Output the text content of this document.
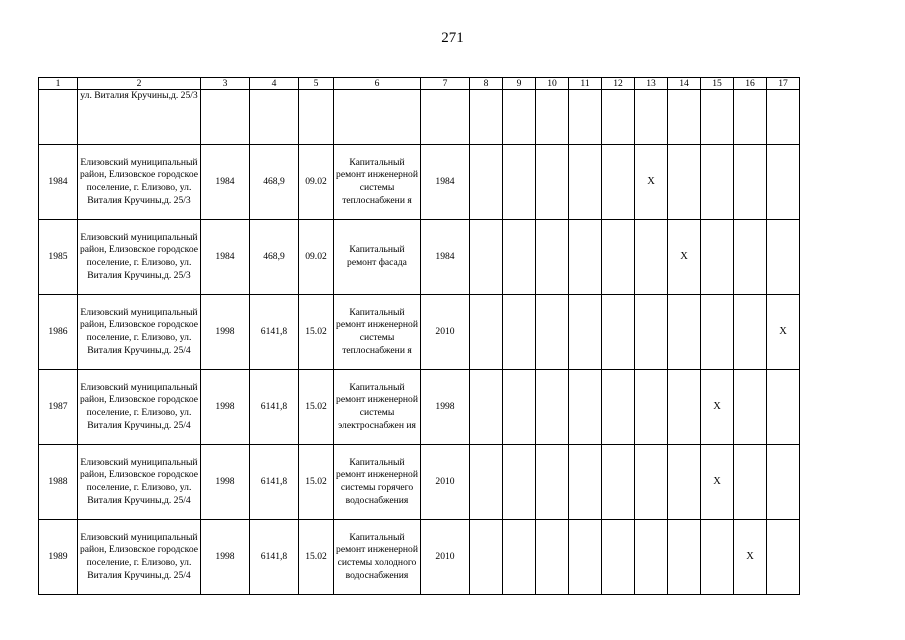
271
1	2	3	4	5	6	7	8	9	10	11	12	13	14	15	16	17
	ул. Виталия Кручины,д. 25/3															
1984	Елизовский муниципальный район, Елизовское городское поселение, г. Елизово, ул. Виталия Кручины,д. 25/3	1984	468,9	09.02	Капитальный ремонт инженерной системы теплоснабжени я	1984						X				
1985	Елизовский муниципальный район, Елизовское городское поселение, г. Елизово, ул. Виталия Кручины,д. 25/3	1984	468,9	09.02	Капитальный ремонт фасада	1984							X			
1986	Елизовский муниципальный район, Елизовское городское поселение, г. Елизово, ул. Виталия Кручины,д. 25/4	1998	6141,8	15.02	Капитальный ремонт инженерной системы теплоснабжени я	2010										X
1987	Елизовский муниципальный район, Елизовское городское поселение, г. Елизово, ул. Виталия Кручины,д. 25/4	1998	6141,8	15.02	Капитальный ремонт инженерной системы электроснабжен ия	1998								X		
1988	Елизовский муниципальный район, Елизовское городское поселение, г. Елизово, ул. Виталия Кручины,д. 25/4	1998	6141,8	15.02	Капитальный ремонт инженерной системы горячего водоснабжения	2010								X		
1989	Елизовский муниципальный район, Елизовское городское поселение, г. Елизово, ул. Виталия Кручины,д. 25/4	1998	6141,8	15.02	Капитальный ремонт инженерной системы холодного водоснабжения	2010									X	
